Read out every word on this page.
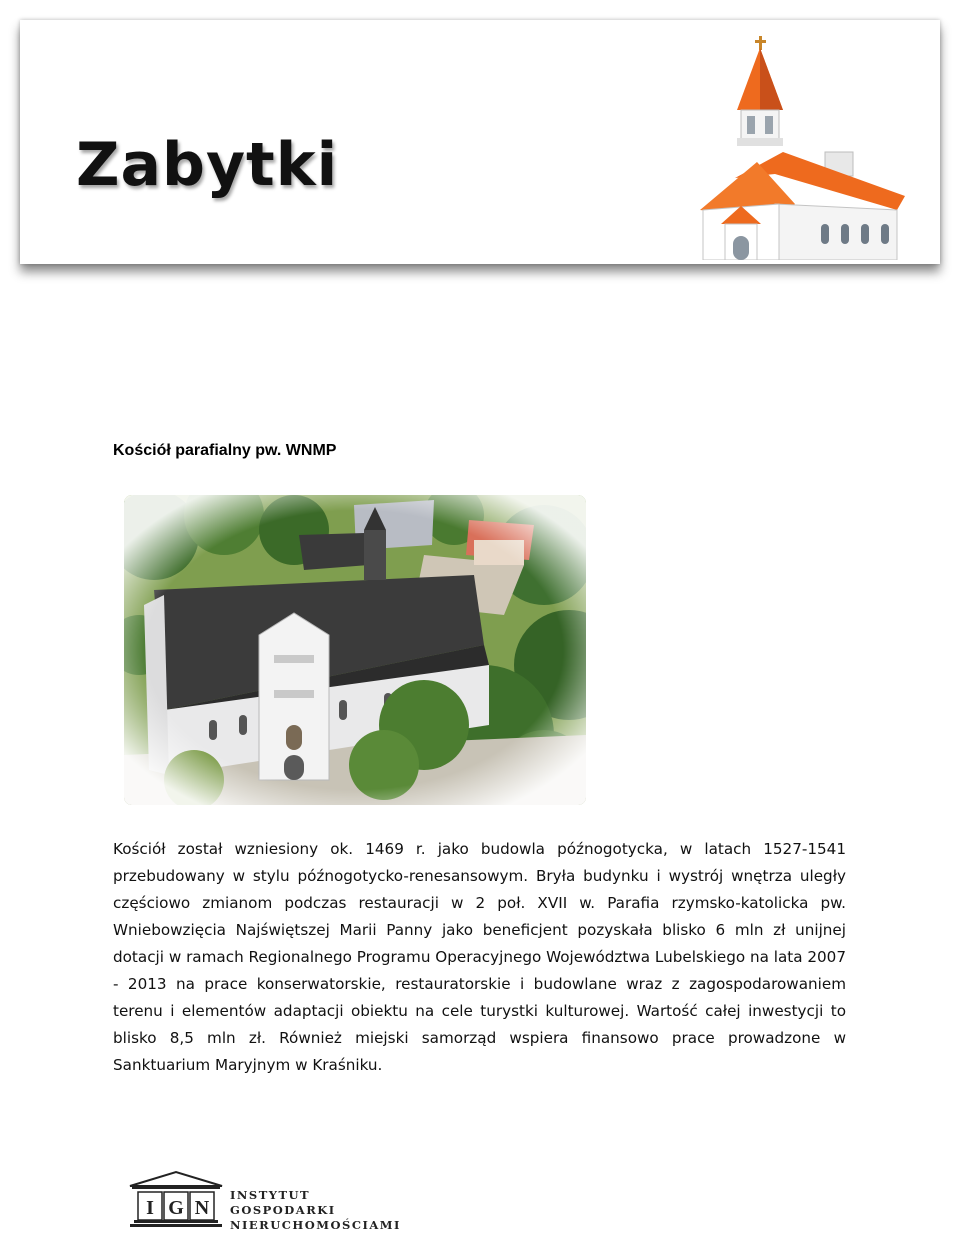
Zabytki
Kościół parafialny pw. WNMP
Kościół został wzniesiony ok. 1469 r. jako budowla późnogotycka, w latach 1527-1541 przebudowany w stylu późnogotycko-renesansowym. Bryła budynku i wystrój wnętrza uległy częściowo zmianom podczas restauracji w 2 poł. XVII w. Parafia rzymsko-katolicka pw. Wniebowzięcia Najświętszej Marii Panny jako beneficjent pozyskała blisko 6 mln zł unijnej dotacji w ramach Regionalnego Programu Operacyjnego Województwa Lubelskiego na lata 2007 - 2013 na prace konserwatorskie, restauratorskie i budowlane wraz z zagospodarowaniem terenu i elementów adaptacji obiektu na cele turystki kulturowej. Wartość całej inwestycji to blisko 8,5 mln zł. Również miejski samorząd wspiera finansowo prace prowadzone w Sanktuarium Maryjnym w Kraśniku.
I G N
INSTYTUT GOSPODARKI
NIERUCHOMOŚCIAMI
